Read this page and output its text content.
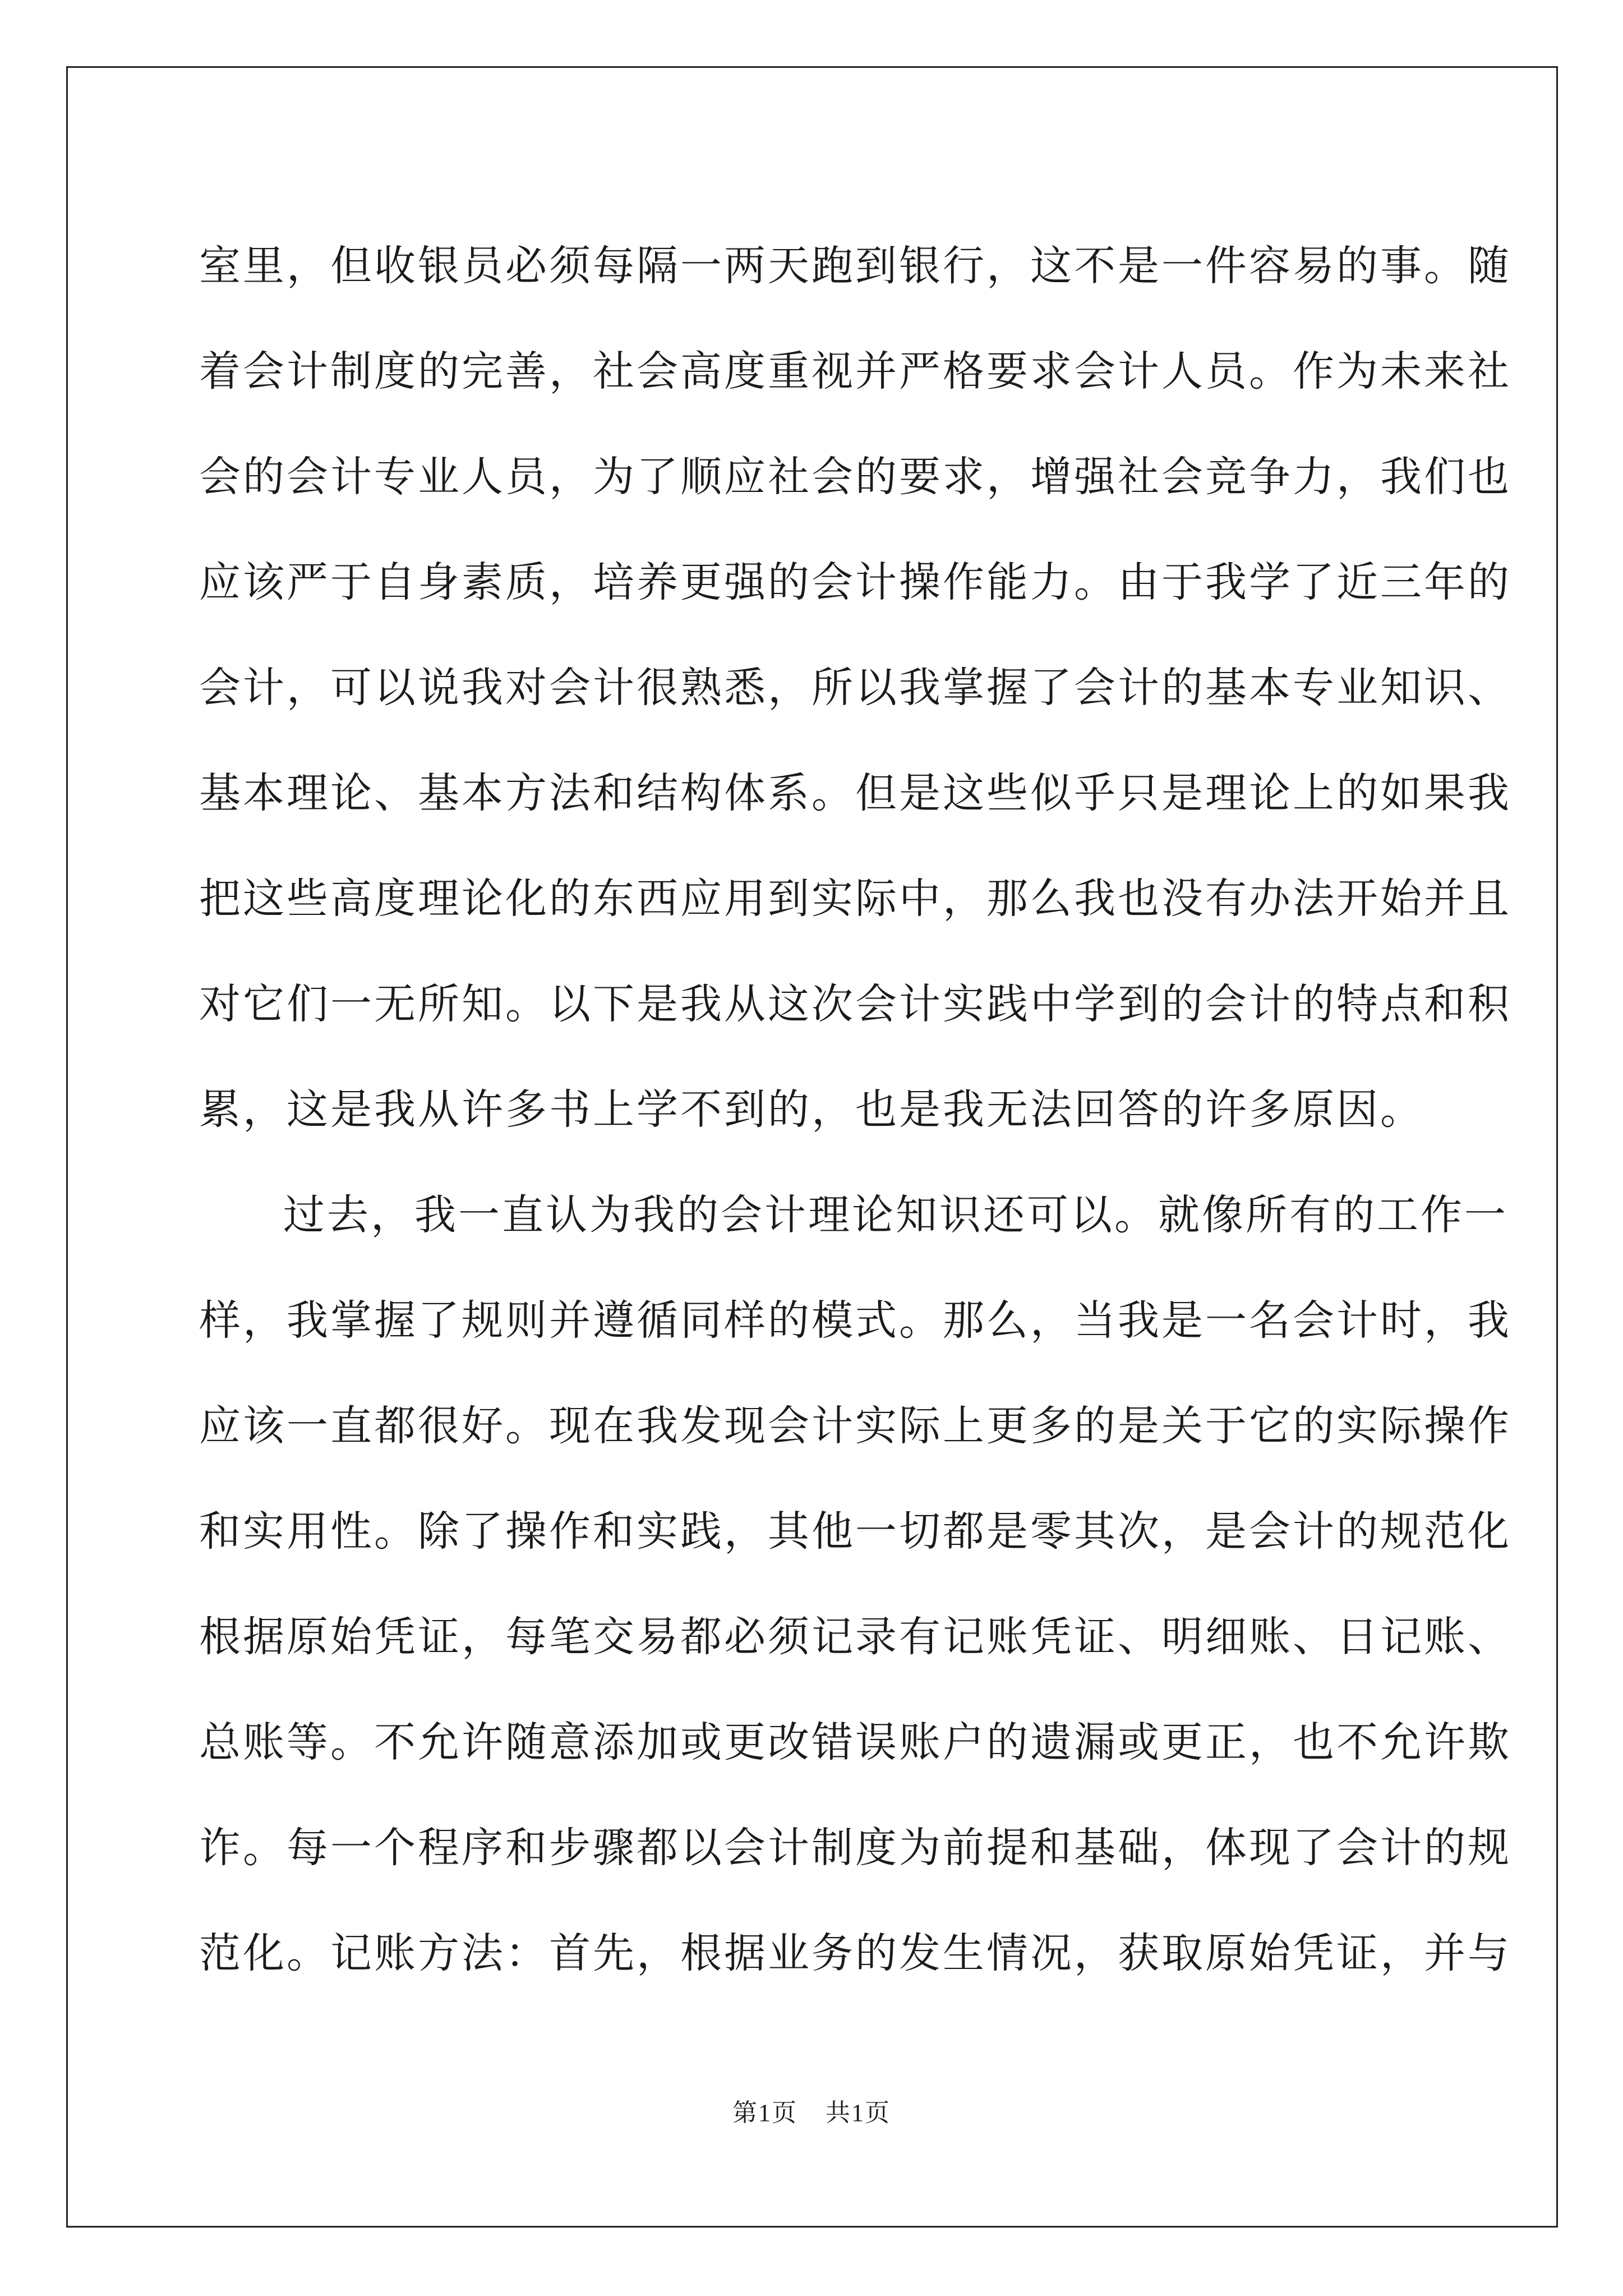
室里，但收银员必须每隔一两天跑到银行，这不是一件容易的事。随
着会计制度的完善，社会高度重视并严格要求会计人员。作为未来社
会的会计专业人员，为了顺应社会的要求，增强社会竞争力，我们也
应该严于自身素质，培养更强的会计操作能力。由于我学了近三年的
会计，可以说我对会计很熟悉，所以我掌握了会计的基本专业知识、
基本理论、基本方法和结构体系。但是这些似乎只是理论上的如果我
把这些高度理论化的东西应用到实际中，那么我也没有办法开始并且
对它们一无所知。以下是我从这次会计实践中学到的会计的特点和积
累，这是我从许多书上学不到的，也是我无法回答的许多原因。
过去，我一直认为我的会计理论知识还可以。就像所有的工作一
样，我掌握了规则并遵循同样的模式。那么，当我是一名会计时，我
应该一直都很好。现在我发现会计实际上更多的是关于它的实际操作
和实用性。除了操作和实践，其他一切都是零其次，是会计的规范化
根据原始凭证，每笔交易都必须记录有记账凭证、明细账、日记账、
总账等。不允许随意添加或更改错误账户的遗漏或更正，也不允许欺
诈。每一个程序和步骤都以会计制度为前提和基础，体现了会计的规
范化。记账方法：首先，根据业务的发生情况，获取原始凭证，并与
第1页 共1页
